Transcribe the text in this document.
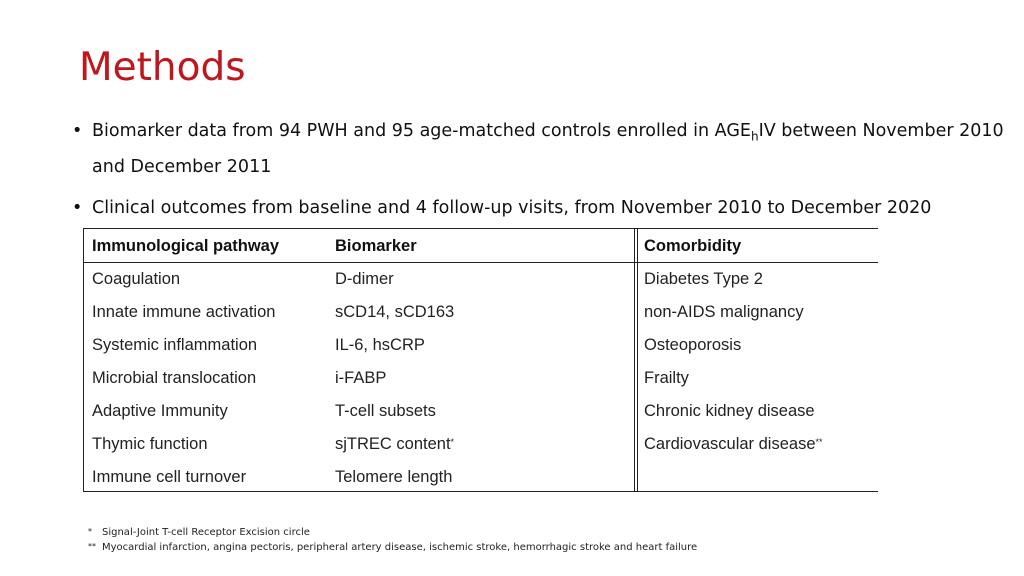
Methods
• Biomarker data from 94 PWH and 95 age-matched controls enrolled in $AGE_hIV$ between November 2010 and December 2011
• Clinical outcomes from baseline and 4 follow-up visits, from November 2010 to December 2020
Immunological pathway	Biomarker	Comorbidity
Coagulation	D-dimer	Diabetes Type 2
Innate immune activation	sCD14, sCD163	non-AIDS malignancy
Systemic inflammation	IL-6, hsCRP	Osteoporosis
Microbial translocation	i-FABP	Frailty
Adaptive Immunity	T-cell subsets	Chronic kidney disease
Thymic function	sjTREC content*	Cardiovascular disease**
Immune cell turnover	Telomere length
* Signal-Joint T-cell Receptor Excision circle
** Myocardial infarction, angina pectoris, peripheral artery disease, ischemic stroke, hemorrhagic stroke and heart failure
